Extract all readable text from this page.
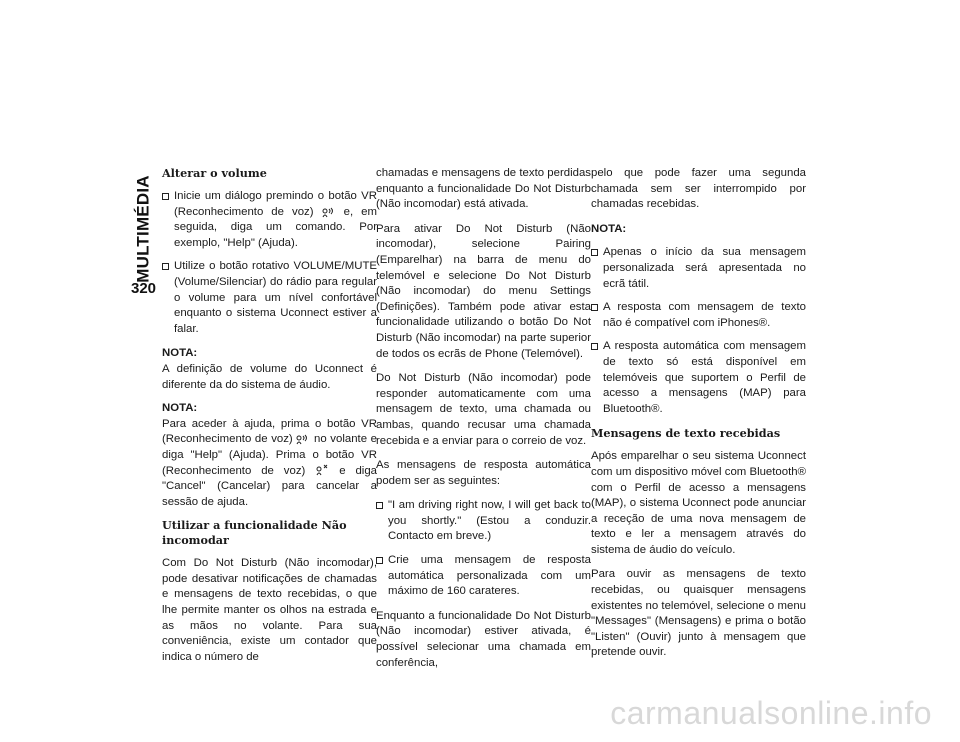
MULTIMÉDIA
320
Alterar o volume
Inicie um diálogo premindo o botão VR (Reconhecimento de voz)	e, em seguida, diga um comando. Por exemplo, "Help" (Ajuda).
Utilize o botão rotativo VOLUME/MUTE (Volume/Silenciar) do rádio para regular o volume para um nível confortável enquanto o sistema Uconnect estiver a falar.
NOTA:
A definição de volume do Uconnect é diferente da do sistema de áudio.
NOTA:
Para aceder à ajuda, prima o botão VR (Reconhecimento de voz) no volante e diga "Help" (Ajuda). Prima o botão VR (Reconhecimento de voz)	e diga "Cancel" (Cancelar) para cancelar a sessão de ajuda.
Utilizar a funcionalidade Não incomodar

Com Do Not Disturb (Não incomodar), pode desativar notificações de chamadas e mensagens de texto recebidas, o que lhe permite manter os olhos na estrada e as mãos no volante. Para sua conveniência, existe um contador que indica o número de

chamadas e mensagens de texto perdidas enquanto a funcionalidade Do Not Disturb (Não incomodar) está ativada.

Para ativar Do Not Disturb (Não incomodar), selecione Pairing (Emparelhar) na barra de menu do telemóvel e selecione Do Not Disturb (Não incomodar) do menu Settings (Definições). Também pode ativar esta funcionalidade utilizando o botão Do Not Disturb (Não incomodar) na parte superior de todos os ecrãs de Phone (Telemóvel).

Do Not Disturb (Não incomodar) pode responder automaticamente com uma mensagem de texto, uma chamada ou ambas, quando recusar uma chamada recebida e a enviar para o correio de voz.

As mensagens de resposta automática podem ser as seguintes:

"I am driving right now, I will get back to you shortly." (Estou a conduzir. Contacto em breve.)
Crie uma mensagem de resposta automática personalizada com um máximo de 160 carateres.

Enquanto a funcionalidade Do Not Disturb (Não incomodar) estiver ativada, é possível selecionar uma chamada em conferência,

pelo que pode fazer uma segunda chamada sem ser interrompido por chamadas recebidas.

NOTA:
Apenas o início da sua mensagem personalizada será apresentada no ecrã tátil.
A resposta com mensagem de texto não é compatível com iPhones®.
A resposta automática com mensagem de texto só está disponível em telemóveis que suportem o Perfil de acesso a mensagens (MAP) para Bluetooth®.
Mensagens de texto recebidas

Após emparelhar o seu sistema Uconnect com um dispositivo móvel com Bluetooth® com o Perfil de acesso a mensagens (MAP), o sistema Uconnect pode anunciar a receção de uma nova mensagem de texto e ler a mensagem através do sistema de áudio do veículo.

Para ouvir as mensagens de texto recebidas, ou quaisquer mensagens existentes no telemóvel, selecione o menu "Messages" (Mensagens) e prima o botão "Listen" (Ouvir) junto à mensagem que pretende ouvir.

carmanualsonline.info
